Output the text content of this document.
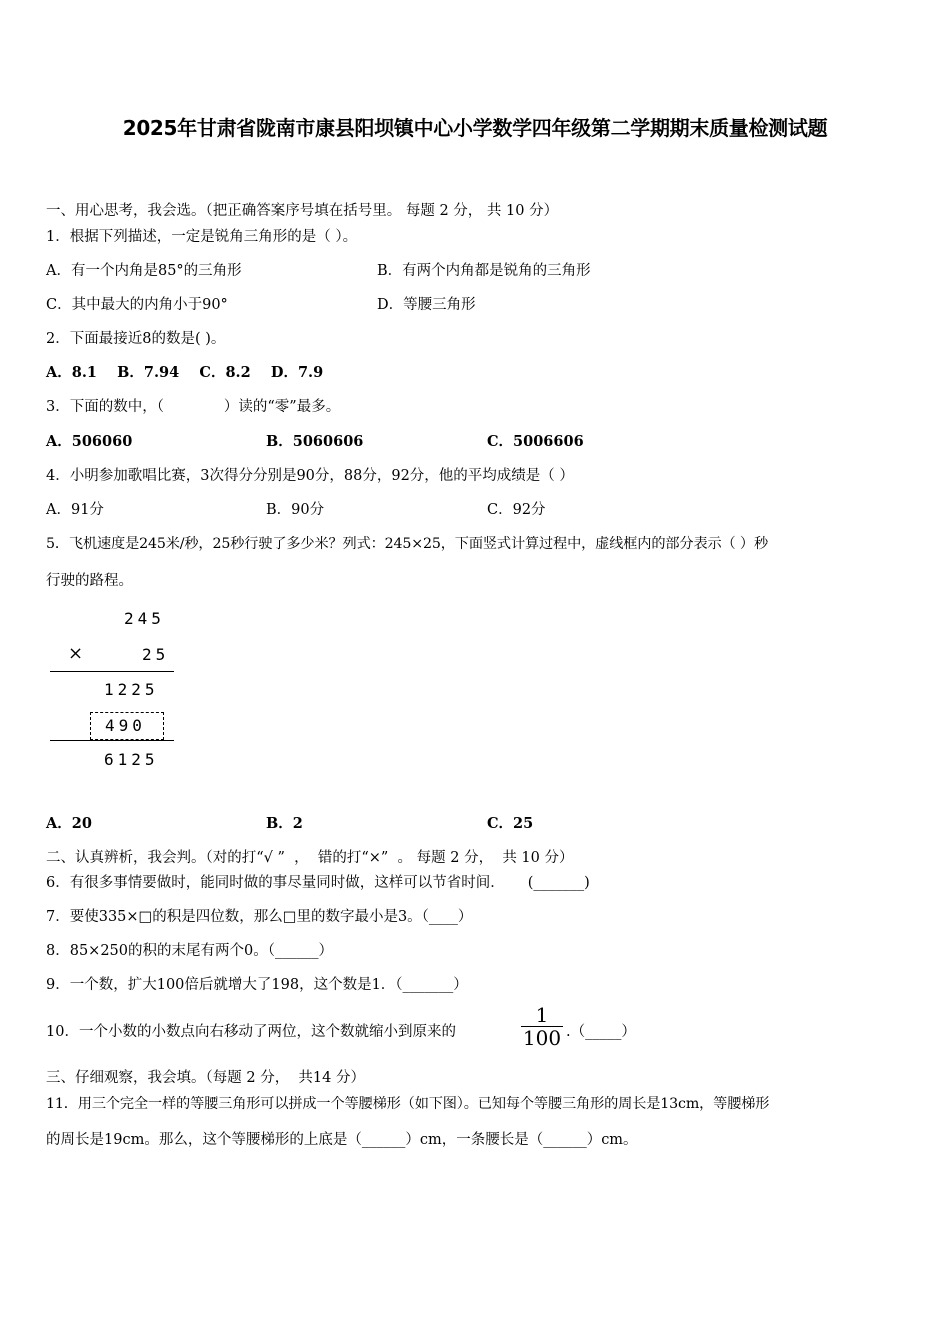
2025年甘肃省陇南市康县阳坝镇中心小学数学四年级第二学期期末质量检测试题
一、用心思考，我会选。（把正确答案序号填在括号里。 每题 2 分， 共 10 分）
1．根据下列描述，一定是锐角三角形的是（ ）。
A．有一个内角是85°的三角形	B．有两个内角都是锐角的三角形
C．其中最大的内角小于90°	D．等腰三角形
2．下面最接近8的数是( )。
A．8.1    B．7.94    C．8.2    D．7.9
3．下面的数中，（             ）读的“零”最多。
A．506060	B．5060606	C．5006606
4．小明参加歌唱比赛，3次得分分别是90分，88分，92分，他的平均成绩是（ ）
A．91分	B．90分	C．92分
5．飞机速度是245米/秒，25秒行驶了多少米？列式：245×25，下面竖式计算过程中，虚线框内的部分表示（ ）秒
行驶的路程。
245
×	25
1225
490
6125
A．20	B．2	C．25
二、认真辨析，我会判。（对的打“√ ”  ，  错的打“×”  。 每题 2 分，  共 10 分）
6．有很多事情要做时，能同时做的事尽量同时做，这样可以节省时间．     (_______)
7．要使335×□的积是四位数，那么□里的数字最小是3。（____）
8．85×250的积的末尾有两个0。（______）
9．一个数，扩大100倍后就增大了198，这个数是1．（_______）
10．一个小数的小数点向右移动了两位，这个数就缩小到原来的
1
100 .（_____）
三、仔细观察，我会填。（每题 2 分，  共14 分）
11．用三个完全一样的等腰三角形可以拼成一个等腰梯形（如下图）。已知每个等腰三角形的周长是13cm，等腰梯形
的周长是19cm。那么，这个等腰梯形的上底是（______）cm，一条腰长是（______）cm。
